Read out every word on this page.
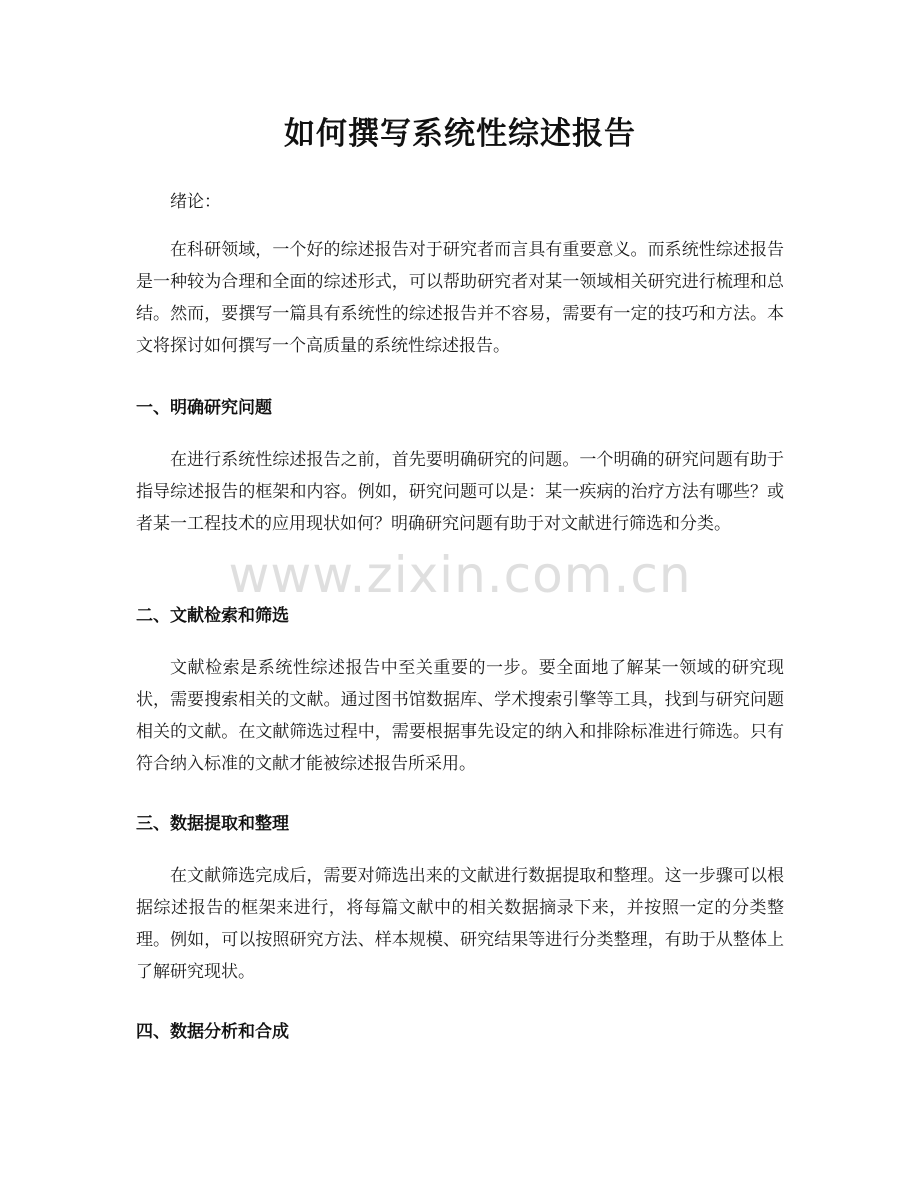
如何撰写系统性综述报告

绪论：

在科研领域，一个好的综述报告对于研究者而言具有重要意义。而系统性综述报告是一种较为合理和全面的综述形式，可以帮助研究者对某一领域相关研究进行梳理和总结。然而，要撰写一篇具有系统性的综述报告并不容易，需要有一定的技巧和方法。本文将探讨如何撰写一个高质量的系统性综述报告。

一、明确研究问题

在进行系统性综述报告之前，首先要明确研究的问题。一个明确的研究问题有助于指导综述报告的框架和内容。例如，研究问题可以是：某一疾病的治疗方法有哪些？或者某一工程技术的应用现状如何？明确研究问题有助于对文献进行筛选和分类。

二、文献检索和筛选

文献检索是系统性综述报告中至关重要的一步。要全面地了解某一领域的研究现状，需要搜索相关的文献。通过图书馆数据库、学术搜索引擎等工具，找到与研究问题相关的文献。在文献筛选过程中，需要根据事先设定的纳入和排除标准进行筛选。只有符合纳入标准的文献才能被综述报告所采用。

三、数据提取和整理

在文献筛选完成后，需要对筛选出来的文献进行数据提取和整理。这一步骤可以根据综述报告的框架来进行，将每篇文献中的相关数据摘录下来，并按照一定的分类整理。例如，可以按照研究方法、样本规模、研究结果等进行分类整理，有助于从整体上了解研究现状。

四、数据分析和合成
www.zixin.com.cn
